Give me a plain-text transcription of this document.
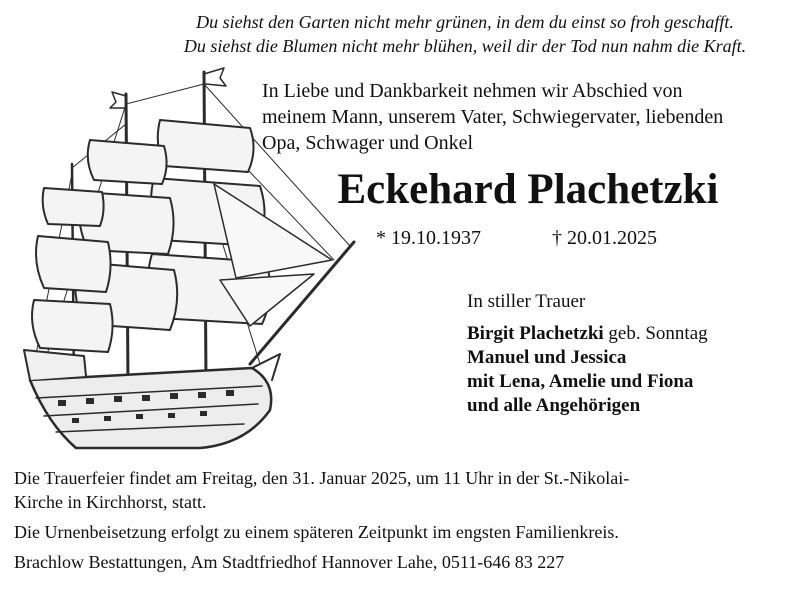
Du siehst den Garten nicht mehr grünen, in dem du einst so froh geschafft.
Du siehst die Blumen nicht mehr blühen, weil dir der Tod nun nahm die Kraft.
In Liebe und Dankbarkeit nehmen wir Abschied von
meinem Mann, unserem Vater, Schwiegervater, liebenden
Opa, Schwager und Onkel
Eckehard Plachetzki
* 19.10.1937	† 20.01.2025
In stiller Trauer
Birgit Plachetzki geb. Sonntag
Manuel und Jessica
mit Lena, Amelie und Fiona
und alle Angehörigen
Die Trauerfeier findet am Freitag, den 31. Januar 2025, um 11 Uhr in der St.-Nikolai-
Kirche in Kirchhorst, statt.
Die Urnenbeisetzung erfolgt zu einem späteren Zeitpunkt im engsten Familienkreis.
Brachlow Bestattungen, Am Stadtfriedhof Hannover Lahe, 0511-646 83 227
